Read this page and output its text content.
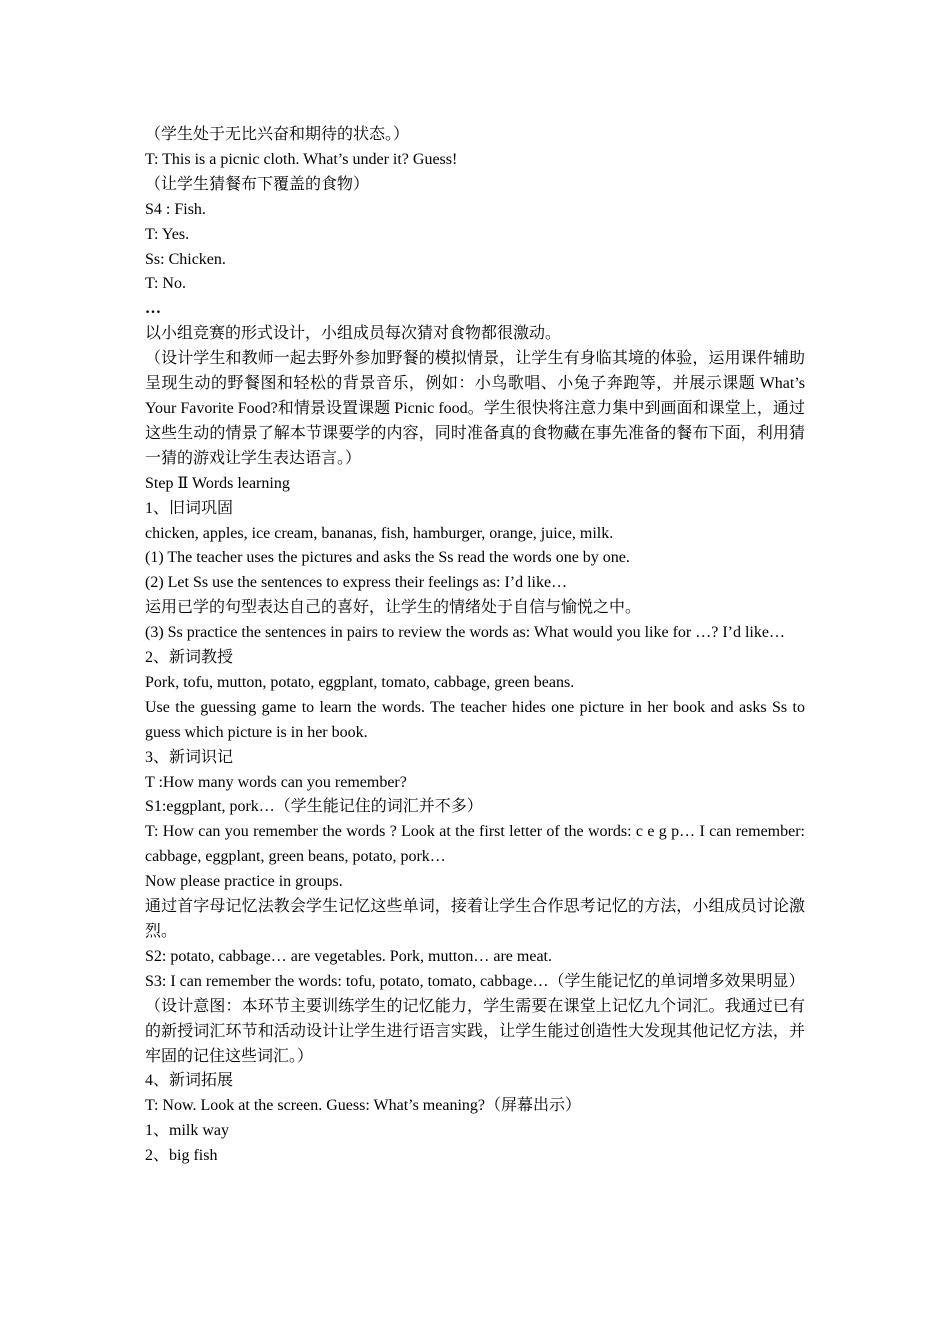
（学生处于无比兴奋和期待的状态。）

T: This is a picnic cloth. What’s under it? Guess!

（让学生猜餐布下覆盖的食物）

S4 : Fish.

T: Yes.

Ss: Chicken.

T: No.

…

以小组竞赛的形式设计，小组成员每次猜对食物都很激动。

（设计学生和教师一起去野外参加野餐的模拟情景，让学生有身临其境的体验，运用课件辅助呈现生动的野餐图和轻松的背景音乐，例如：小鸟歌唱、小兔子奔跑等，并展示课题 What’s Your Favorite Food?和情景设置课题 Picnic food。学生很快将注意力集中到画面和课堂上，通过这些生动的情景了解本节课要学的内容，同时准备真的食物藏在事先准备的餐布下面，利用猜一猜的游戏让学生表达语言。）

Step Ⅱ Words learning

1、旧词巩固

chicken, apples, ice cream, bananas, fish, hamburger, orange, juice, milk.

(1) The teacher uses the pictures and asks the Ss read the words one by one.

(2) Let Ss use the sentences to express their feelings as: I’d like…

运用已学的句型表达自己的喜好，让学生的情绪处于自信与愉悦之中。

(3) Ss practice the sentences in pairs to review the words as: What would you like for …? I’d like…

2、新词教授

Pork, tofu, mutton, potato, eggplant, tomato, cabbage, green beans.

Use the guessing game to learn the words. The teacher hides one picture in her book and asks Ss to guess which picture is in her book.

3、新词识记

T :How many words can you remember?

S1:eggplant, pork…（学生能记住的词汇并不多）

T: How can you remember the words ? Look at the first letter of the words: c e g p… I can remember: cabbage, eggplant, green beans, potato, pork…

Now please practice in groups.

通过首字母记忆法教会学生记忆这些单词，接着让学生合作思考记忆的方法，小组成员讨论激烈。

S2: potato, cabbage… are vegetables. Pork, mutton… are meat.

S3: I can remember the words: tofu, potato, tomato, cabbage…（学生能记忆的单词增多效果明显）

（设计意图：本环节主要训练学生的记忆能力，学生需要在课堂上记忆九个词汇。我通过已有的新授词汇环节和活动设计让学生进行语言实践，让学生能过创造性大发现其他记忆方法，并牢固的记住这些词汇。）

4、新词拓展

T: Now. Look at the screen. Guess: What’s meaning?（屏幕出示）

1、milk way

2、big fish
